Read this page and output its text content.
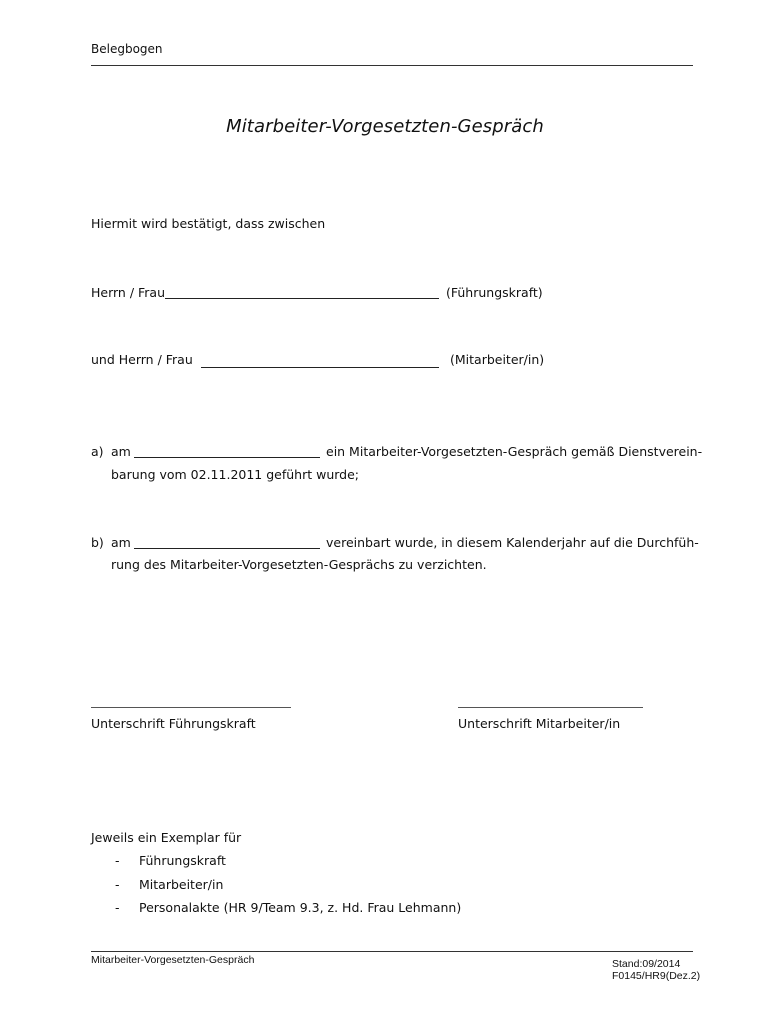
Belegbogen
Mitarbeiter-Vorgesetzten-Gespräch
Hiermit wird bestätigt, dass zwischen
Herrn / Frau	(Führungskraft)
und Herrn / Frau	(Mitarbeiter/in)
a) am	ein Mitarbeiter-Vorgesetzten-Gespräch gemäß Dienstverein-
barung vom 02.11.2011 geführt wurde;
b) am	vereinbart wurde, in diesem Kalenderjahr auf die Durchfüh-
rung des Mitarbeiter-Vorgesetzten-Gesprächs zu verzichten.
Unterschrift Führungskraft	Unterschrift Mitarbeiter/in
Jeweils ein Exemplar für
- Führungskraft
- Mitarbeiter/in
- Personalakte (HR 9/Team 9.3, z. Hd. Frau Lehmann)
Mitarbeiter-Vorgesetzten-Gespräch	Stand:09/2014
F0145/HR9(Dez.2)
